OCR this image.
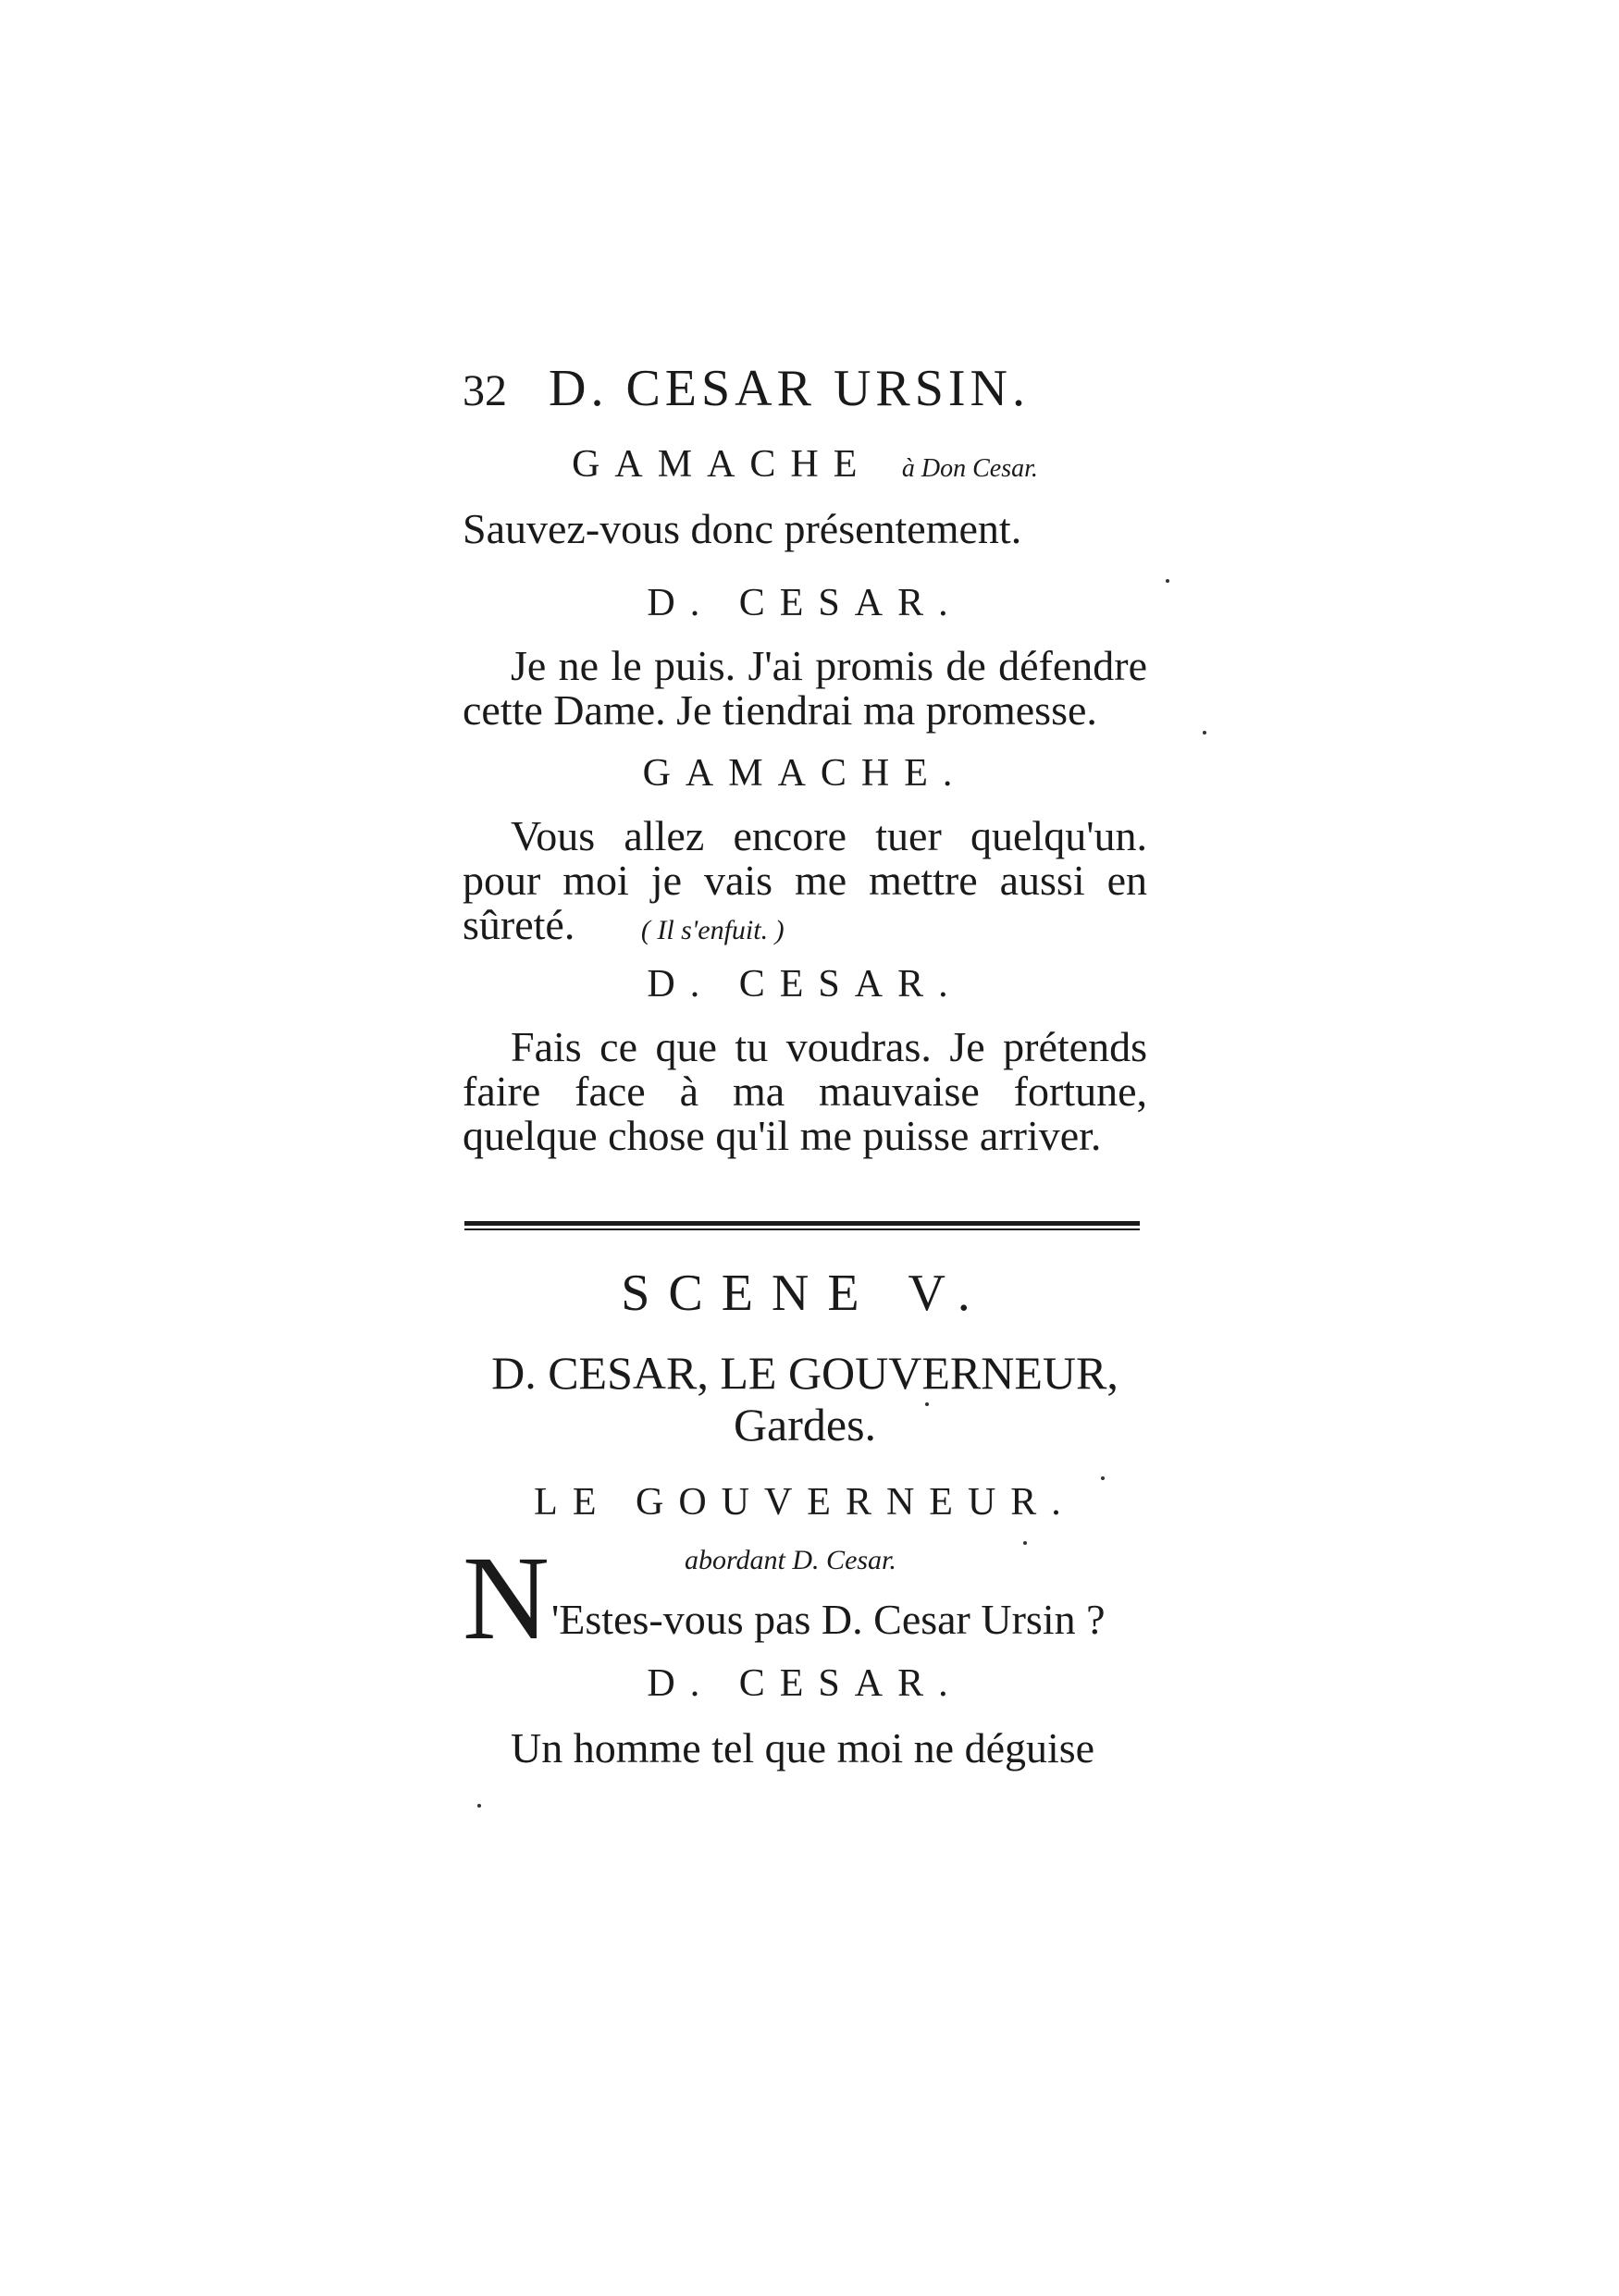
32 D. CESAR URSIN.
GAMACHE à Don Cesar.
Sauvez-vous donc présentement.
D. CESAR.
Je ne le puis. J'ai promis de défendre cette Dame. Je tiendrai ma promesse.
GAMACHE.
Vous allez encore tuer quelqu'un. pour moi je vais me mettre aussi en sûreté. ( Il s'enfuit. )
D. CESAR.
Fais ce que tu voudras. Je prétends faire face à ma mauvaise fortune, quelque chose qu'il me puisse arriver.
SCENE V.
D. CESAR, LE GOUVERNEUR,
Gardes.
LE GOUVERNEUR.
N	abordant D. Cesar.
'Estes-vous pas D. Cesar Ursin ?
D. CESAR.
Un homme tel que moi ne déguise
